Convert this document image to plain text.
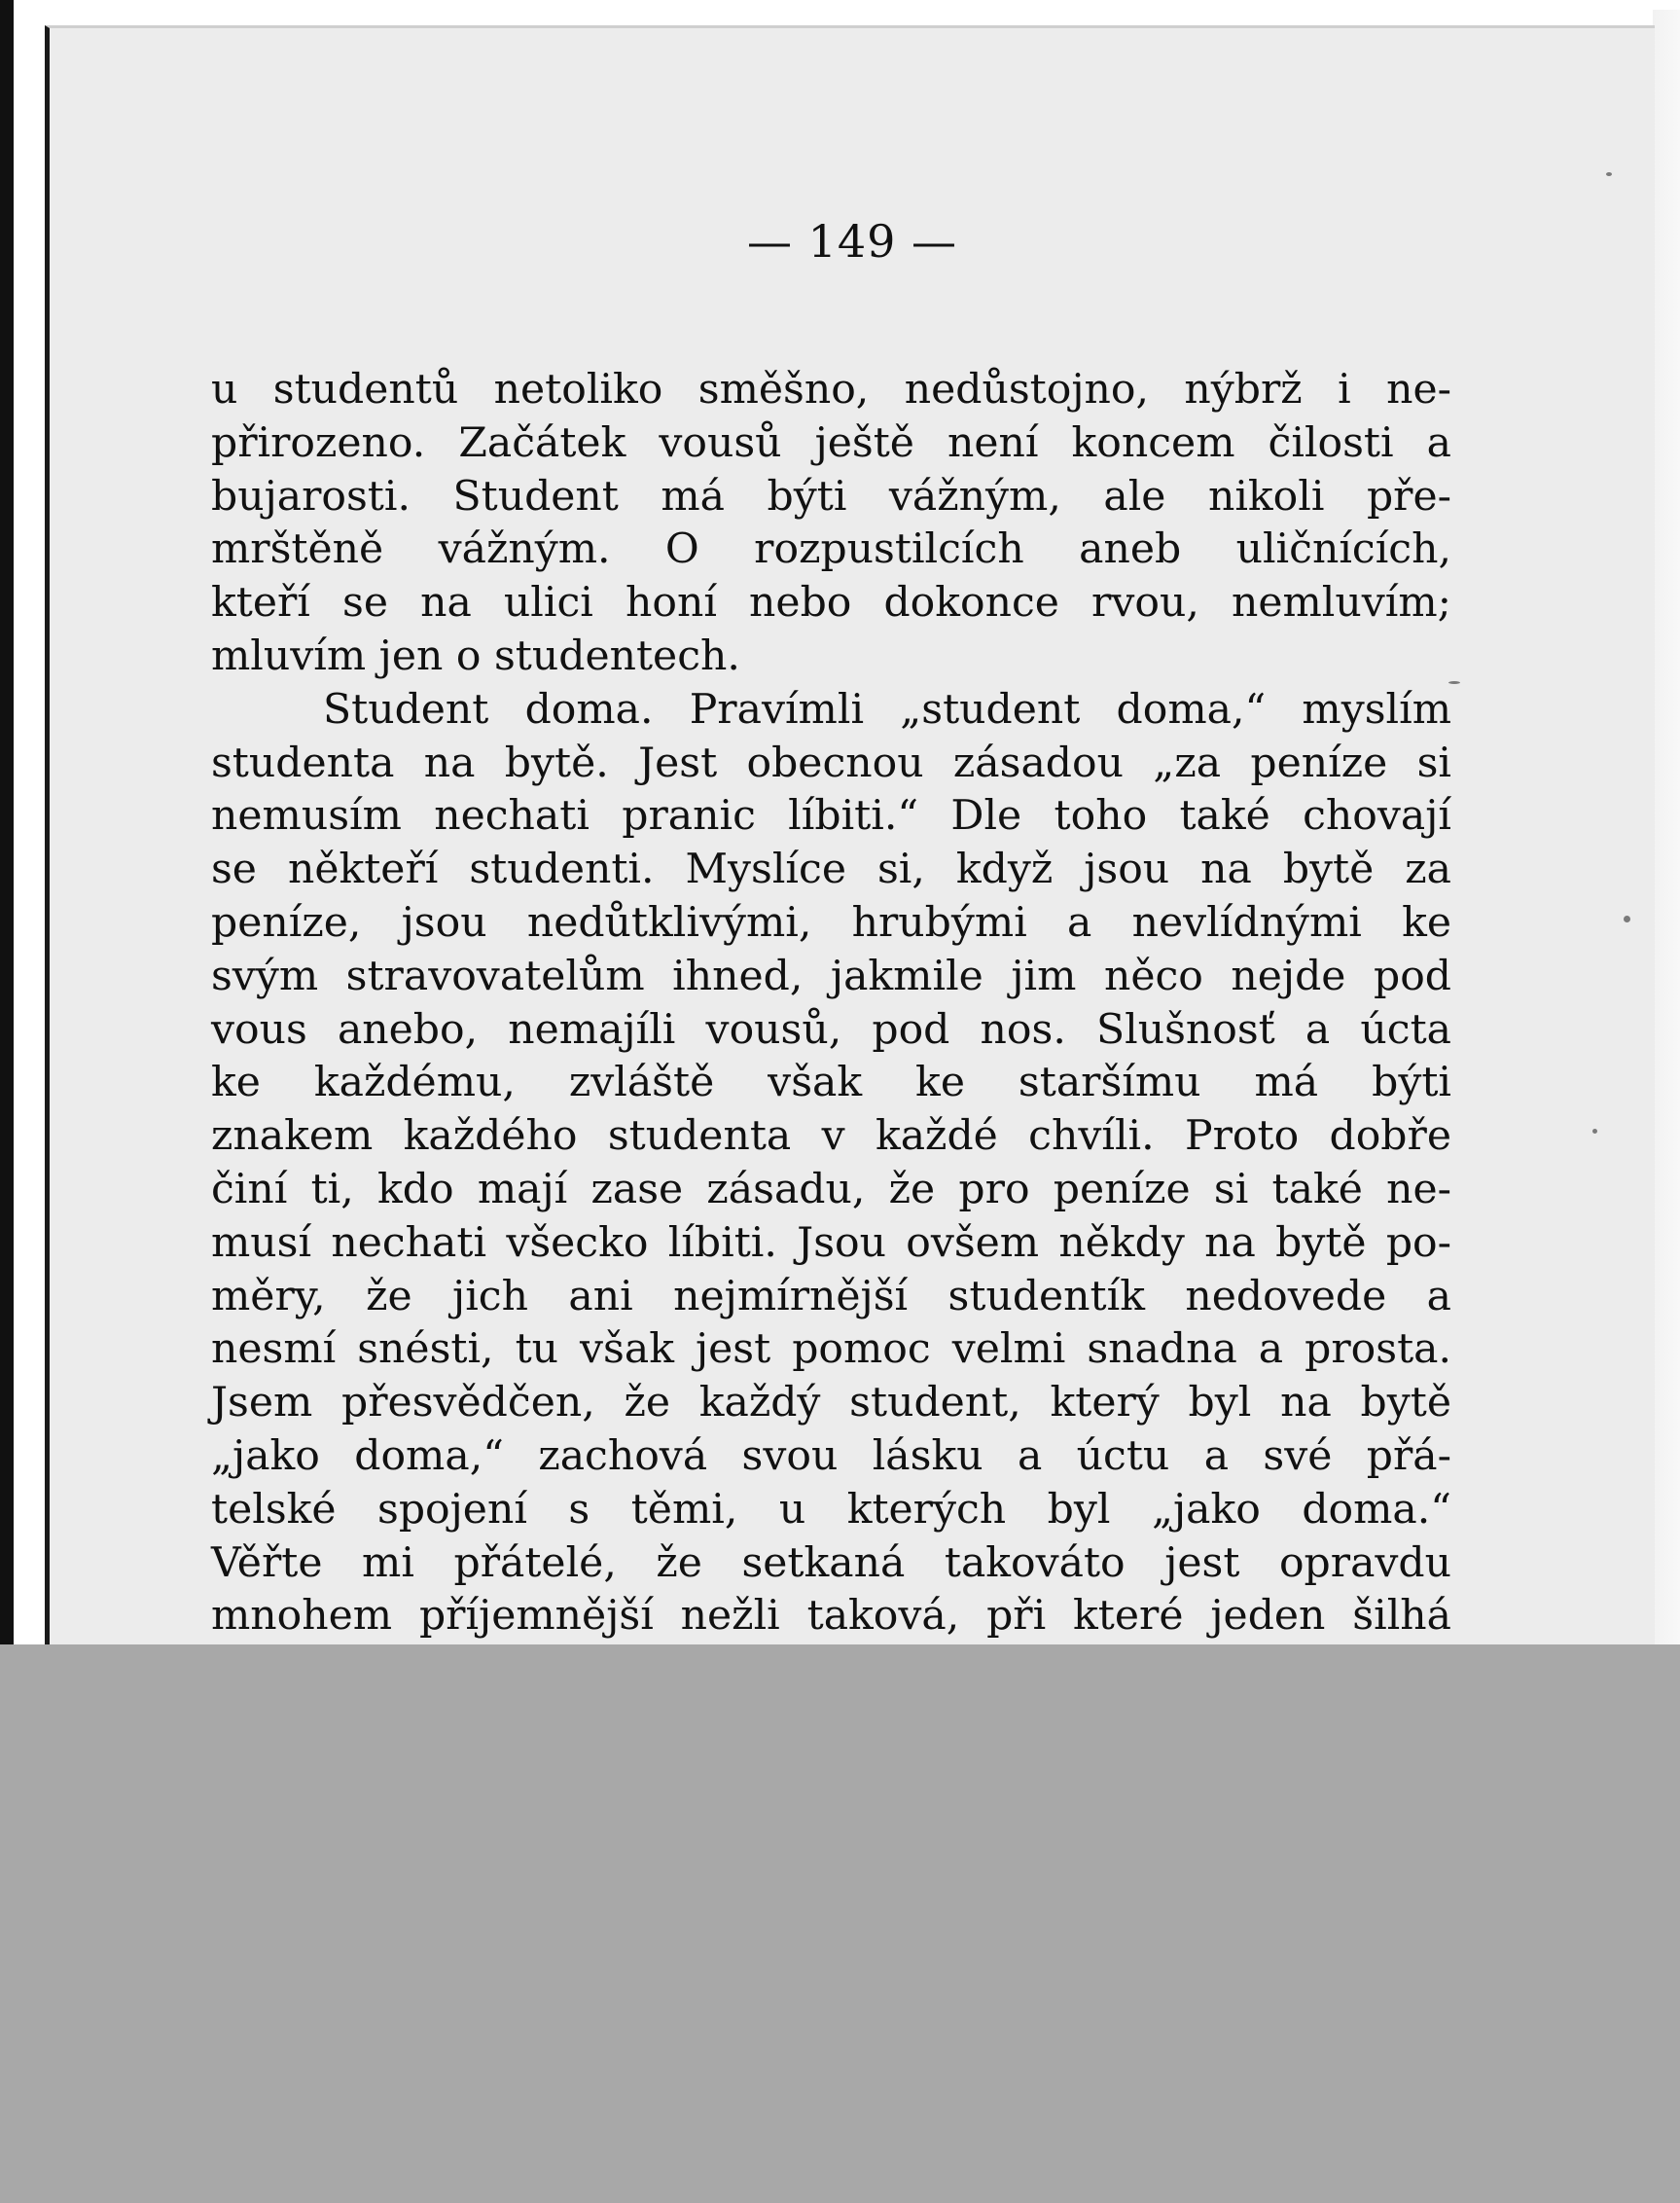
— 149 —
u studentů netoliko směšno, nedůstojno, nýbrž i ne-
přirozeno. Začátek vousů ještě není koncem čilosti a
bujarosti. Student má býti vážným, ale nikoli pře-
mrštěně vážným. O rozpustilcích aneb uličnících,
kteří se na ulici honí nebo dokonce rvou, nemluvím;
mluvím jen o studentech.
Student doma. Pravímli „student doma,“ myslím
studenta na bytě. Jest obecnou zásadou „za peníze si
nemusím nechati pranic líbiti.“ Dle toho také chovají
se někteří studenti. Myslíce si, když jsou na bytě za
peníze, jsou nedůtklivými, hrubými a nevlídnými ke
svým stravovatelům ihned, jakmile jim něco nejde pod
vous anebo, nemajíli vousů, pod nos. Slušnosť a úcta
ke každému, zvláště však ke staršímu má býti
znakem každého studenta v každé chvíli. Proto dobře
činí ti, kdo mají zase zásadu, že pro peníze si také ne-
musí nechati všecko líbiti. Jsou ovšem někdy na bytě po-
měry, že jich ani nejmírnější studentík nedovede a
nesmí snésti, tu však jest pomoc velmi snadna a prosta.
Jsem přesvědčen, že každý student, který byl na bytě
„jako doma,“ zachová svou lásku a úctu a své přá-
telské spojení s těmi, u kterých byl „jako doma.“
Věřte mi přátelé, že setkaná takováto jest opravdu
mnohem příjemnější nežli taková, při které jeden šilhá
